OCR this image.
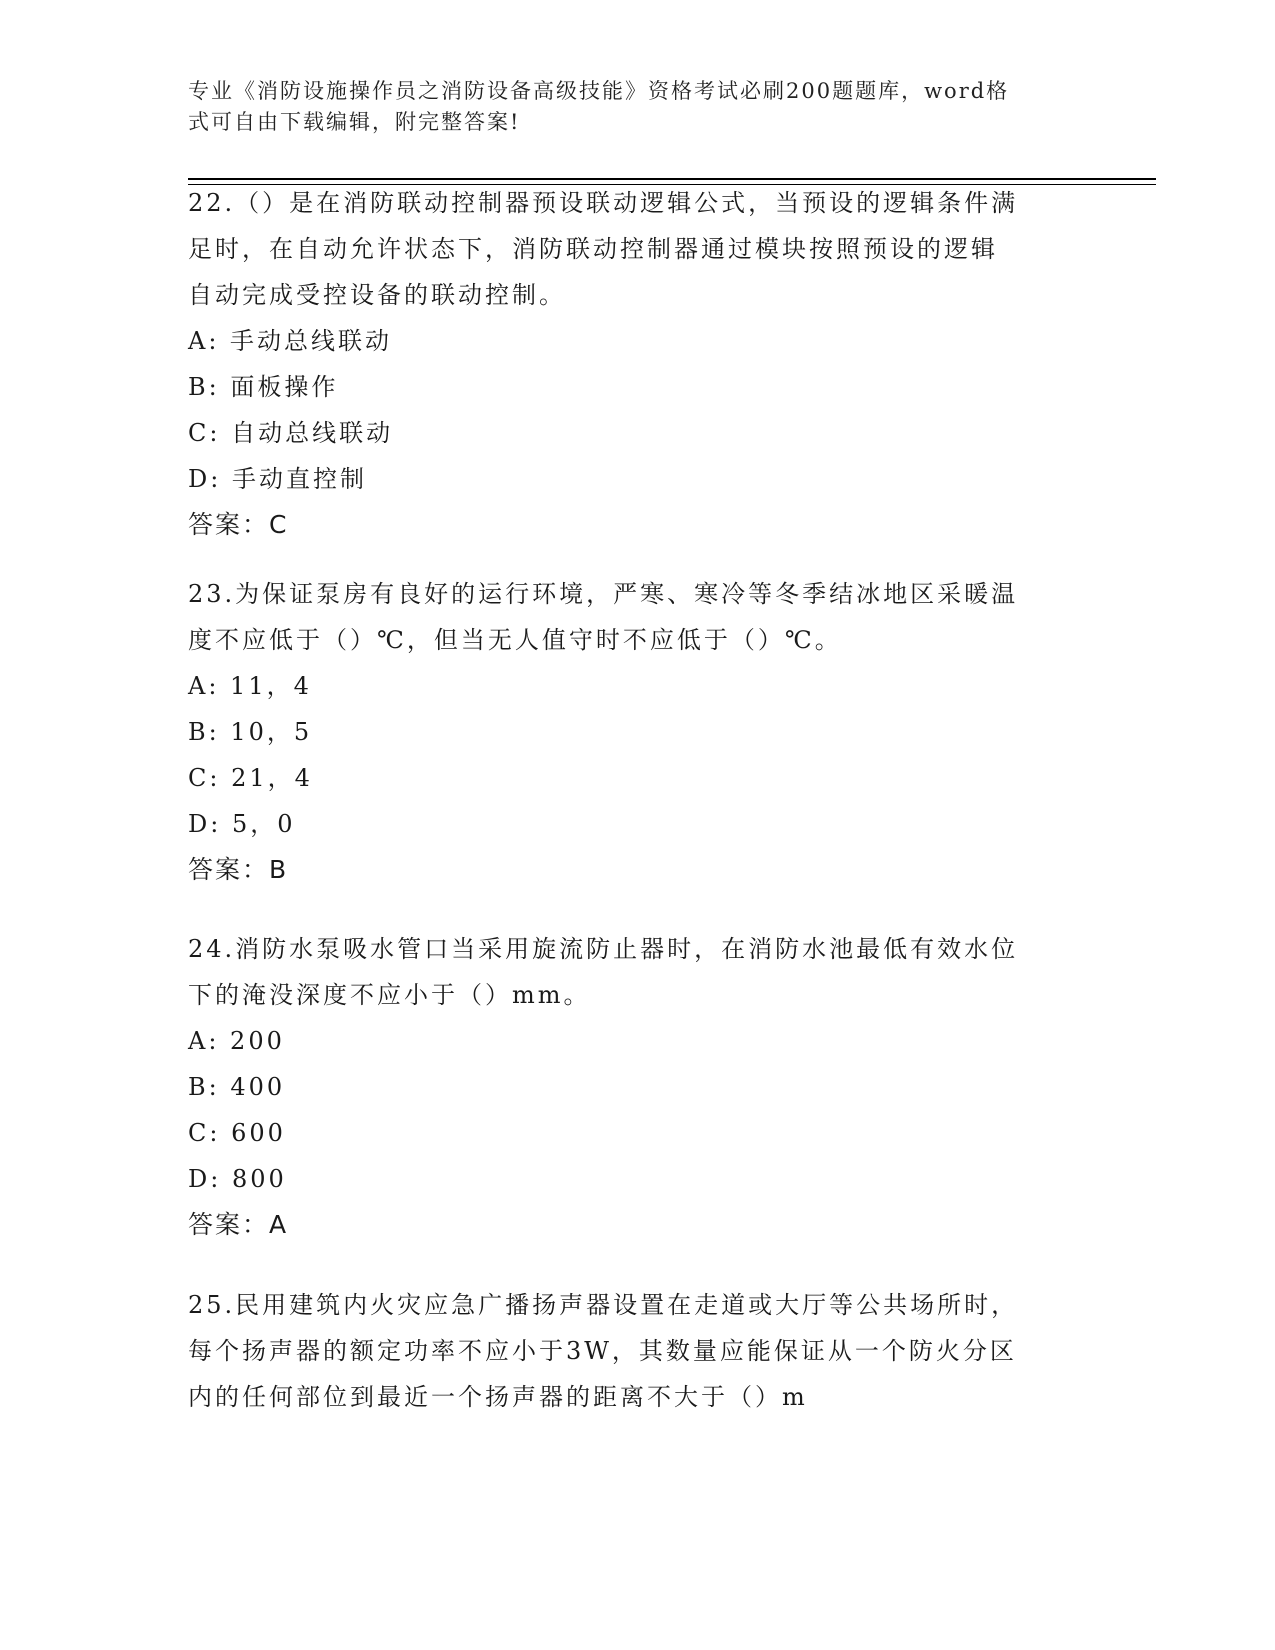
专业《消防设施操作员之消防设备高级技能》资格考试必刷200题题库，word格
式可自由下载编辑，附完整答案!

22.（）是在消防联动控制器预设联动逻辑公式，当预设的逻辑条件满

足时，在自动允许状态下，消防联动控制器通过模块按照预设的逻辑

自动完成受控设备的联动控制。

A: 手动总线联动

B: 面板操作

C: 自动总线联动

D: 手动直控制

答案：C

23.为保证泵房有良好的运行环境，严寒、寒冷等冬季结冰地区采暖温

度不应低于（）℃，但当无人值守时不应低于（）℃。

A: 11，4

B: 10，5

C: 21，4

D: 5，0

答案：B

24.消防水泵吸水管口当采用旋流防止器时，在消防水池最低有效水位

下的淹没深度不应小于（）mm。

A: 200

B: 400

C: 600

D: 800

答案：A

25.民用建筑内火灾应急广播扬声器设置在走道或大厅等公共场所时，

每个扬声器的额定功率不应小于3W，其数量应能保证从一个防火分区

内的任何部位到最近一个扬声器的距离不大于（）m
